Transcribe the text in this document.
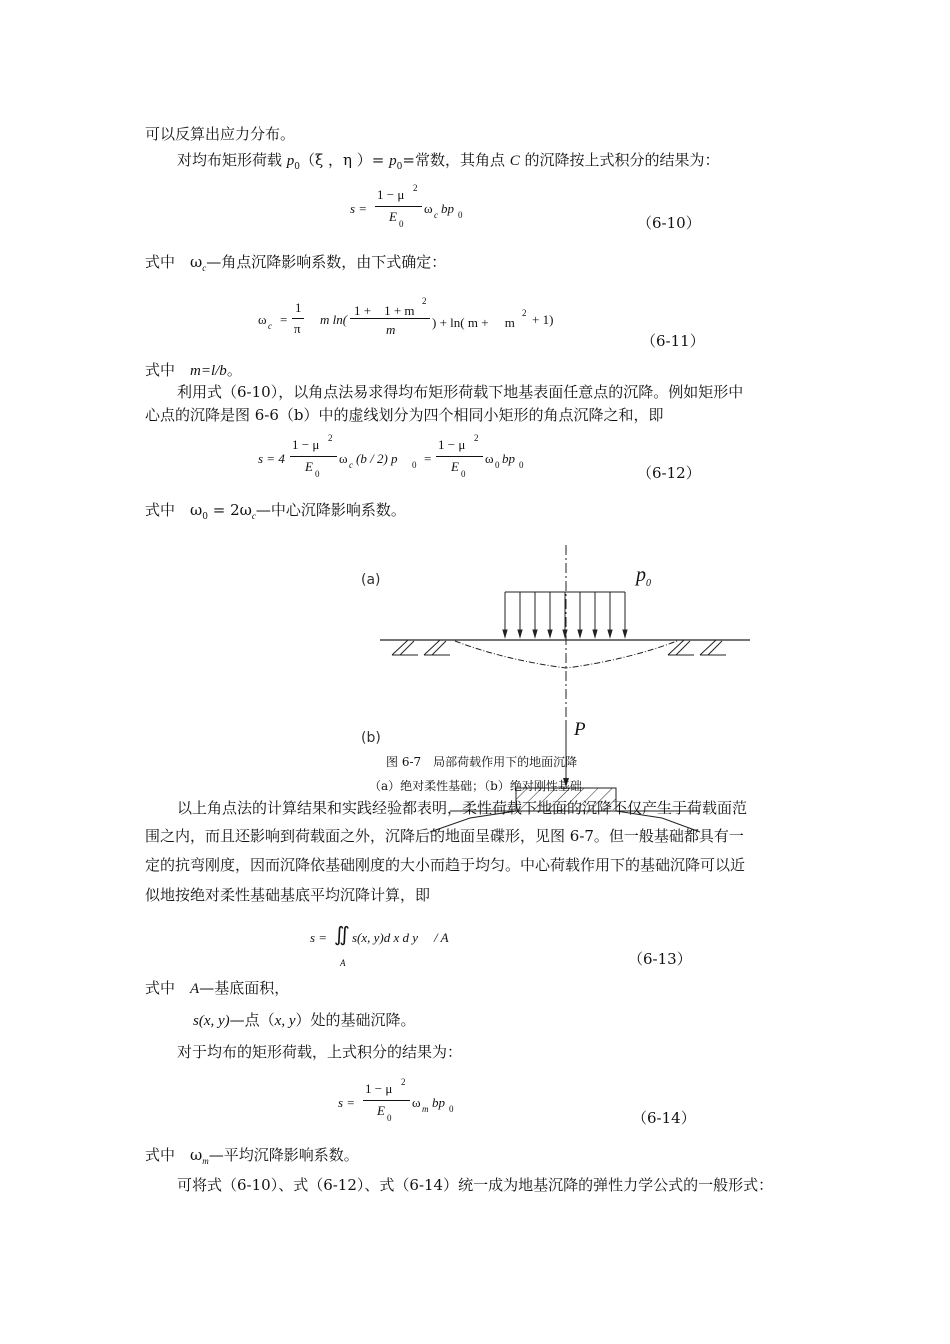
可以反算出应力分布。
对均布矩形荷载 $p_0(\xi$ ，η ）= $p_0=$常数，其角点 C 的沉降按上式积分的结果为：
s =
1 − μ 2
E 0
ω c bp 0	（6-10）
式中　$\omega_c—$角点沉降影响系数，由下式确定：
ω c =
1
π
m ln(
1 +　1 + m
2
m	) + ln( m +　 m
2 + 1)
（6-11）
式中　m=l/b。
利用式（6-10），以角点法易求得均布矩形荷载下地基表面任意点的沉降。例如矩形中
心点的沉降是图 6-6（b）中的虚线划分为四个相同小矩形的角点沉降之和，即
s = 4
1 − μ 2
E 0
ω c (b / 2) p 0 =
1 − μ 2
E 0
ω 0 bp 0	（6-12）
式中　$\omega_0$ = $2\omega_c—$中心沉降影响系数。
(a)	$p_0$
P
(b)
图 6-7　局部荷载作用下的地面沉降
（a）绝对柔性基础；（b）绝对刚性基础
以上角点法的计算结果和实践经验都表明，柔性荷载下地面的沉降不仅产生于荷载面范
围之内，而且还影响到荷载面之外，沉降后的地面呈碟形，见图 6-7。但一般基础都具有一
定的抗弯刚度，因而沉降依基础刚度的大小而趋于均匀。中心荷载作用下的基础沉降可以近
似地按绝对柔性基础基底平均沉降计算，即
s = ∬ s(x, y)d x d y / A
A	（6-13）
式中　A—基底面积，
s(x, y)—点（x, y）处的基础沉降。
对于均布的矩形荷载，上式积分的结果为：
s =
1 − μ 2
E 0
ω m bp 0	（6-14）
式中　$\omega_m—$平均沉降影响系数。
可将式（6-10）、式（6-12）、式（6-14）统一成为地基沉降的弹性力学公式的一般形式：
